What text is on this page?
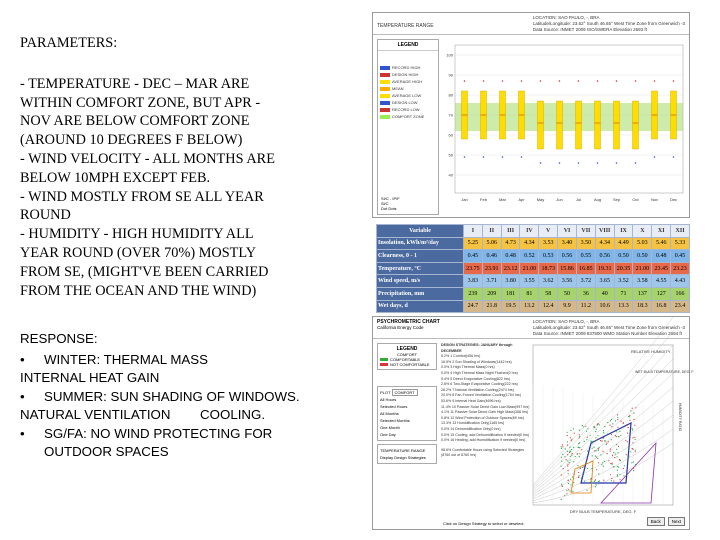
PARAMETERS:
- TEMPERATURE - DEC – MAR ARE
WITHIN COMFORT ZONE, BUT APR -
NOV ARE BELOW COMFORT ZONE
(AROUND 10 DEGREES F BELOW)
- WIND VELOCITY - ALL MONTHS ARE
BELOW 10MPH EXCEPT FEB.
- WIND MOSTLY FROM SE ALL YEAR
ROUND
- HUMIDITY - HIGH HUMIDITY ALL
YEAR ROUND (OVER 70%) MOSTLY
FROM SE, (MIGHT'VE BEEN CARRIED
FROM THE OCEAN AND THE WIND)
RESPONSE:
•	WINTER: THERMAL MASS
INTERNAL HEAT GAIN
•	SUMMER: SUN SHADING OF WINDOWS.
NATURAL VENTILATION        COOLING.
•	SG/FA: NO WIND PROTECTING FOR
OUTDOOR SPACES
TEMPERATURE RANGE
LOCATION: SAO PAULO, -, BRA
Latitude/Longitude: 23.62° South 46.65° West Time Zone from Greenwich -3
Data Source: INMET 2009 ISO/SWERA Elevation 2693 ft
LEGEND
RECORD HIGH
DESIGN HIGH
AVERAGE HIGH
MEAN
AVERAGE LOW
DESIGN LOW
RECORD LOW
COMFORT ZONE
SI/C - IP/F
Sl/C
Dot Dots
100
90
80
70
60
50
40
Jan	Feb	Mar	Apr	May	Jun	Jul	Aug	Sep	Oct	Nov	Dec
Variable	I	II	III	IV	V	VI	VII	VIII	IX	X	XI	XII
Insolation, kWh/m²/day	5.25	5.06	4.73	4.34	3.53	3.40	3.50	4.34	4.49	5.03	5.46	5.33
Clearness, 0 - 1	0.45	0.46	0.48	0.52	0.53	0.56	0.55	0.56	0.50	0.50	0.48	0.45
Temperature, °C	23.75	23.91	23.12	21.00	18.73	15.86	16.85	19.31	20.35	21.00	23.45	23.23
Wind speed, m/s	3.83	3.71	3.80	3.55	3.62	3.56	3.72	3.65	3.52	3.58	4.55	4.43
Precipitation, mm	239	209	181	81	58	50	36	40	71	137	127	166
Wet days, d	24.7	21.8	19.5	13.2	12.4	9.9	11.2	10.6	13.3	18.3	16.8	23.4
PSYCHROMETRIC CHART
California Energy Code
LOCATION: SAO PAULO, -, BRA
Latitude/Longitude: 23.62° South 46.65° West Time Zone from Greenwich -3
Data Source: INMET 2009 837800 WMO Station Number Elevation 2694 ft
LEGEND
COMFORT
COMFORTABLE
NOT COMFORTABLE
PLOT COMFORT
All Hours
Selected Hours
All Months
Selected Months
One Month
One Day
TEMPERATURE RANGE
Display Design Strategies
DESIGN STRATEGIES: JANUARY through DECEMBER
5.2% 1 Comfort(456 hrs)
16.5% 2 Sun Shading of Windows(1442 hrs)
0.0% 3 High Thermal Mass(0 hrs)
0.0% 4 High Thermal Mass Night Flushed(0 hrs)
9.4% 5 Direct Evaporative Cooling(822 hrs)
2.6% 6 Two-Stage Evaporative Cooling(222 hrs)
28.2% 7 Natural Ventilation Cooling(2474 hrs)
20.0% 8 Fan-Forced Ventilation Cooling(1754 hrs)
53.6% 9 Internal Heat Gain(4696 hrs)
11.4% 10 Passive Solar Direct Gain Low Mass(997 hrs)
4.1% 11 Passive Solar Direct Gain High Mass(358 hrs)
0.8% 12 Wind Protection of Outdoor Spaces(69 hrs)
13.3% 13 Humidification Only(1165 hrs)
0.0% 14 Dehumidification Only(0 hrs)
0.0% 15 Cooling, add Dehumidification if needed(0 hrs)
0.0% 16 Heating, add Humidification if needed(0 hrs)
98.6% Comfortable Hours using Selected Strategies (8760 out of 8760 hrs)
DRY BULB TEMPERATURE, DEG. F
RELATIVE HUMIDITY
WET BULB TEMPERATURE, DEG. F
HUMIDITY RATIO
Click on Design Strategy to select or deselect.	Back	Next
